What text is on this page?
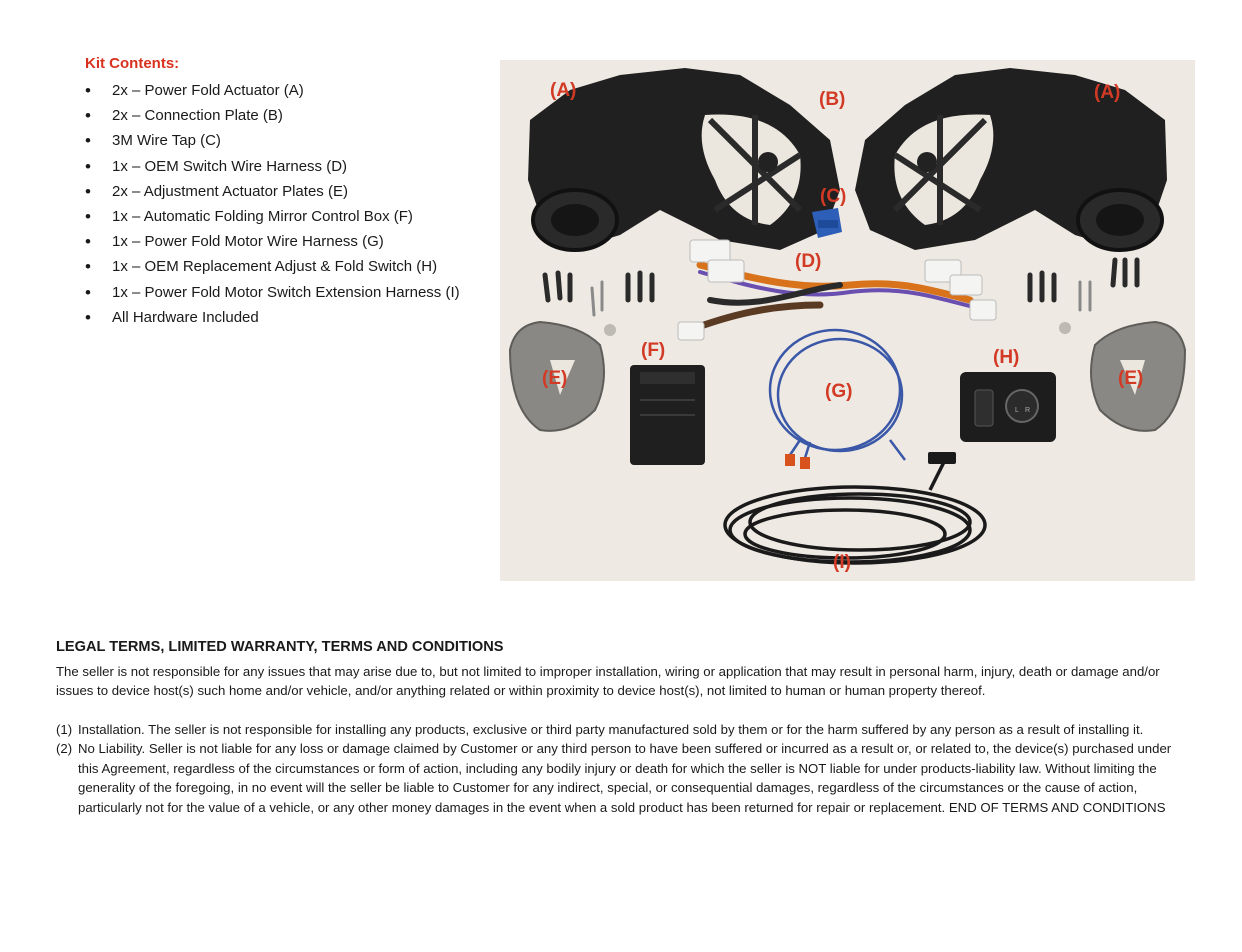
Kit Contents:
• 2x – Power Fold Actuator (A)
• 2x – Connection Plate (B)
• 3M Wire Tap (C)
• 1x – OEM Switch Wire Harness (D)
• 2x – Adjustment Actuator Plates (E)
• 1x – Automatic Folding Mirror Control Box (F)
• 1x – Power Fold Motor Wire Harness (G)
• 1x – OEM Replacement Adjust & Fold Switch (H)
• 1x – Power Fold Motor Switch Extension Harness (I)
• All Hardware Included
L R
(A)	(A)
(B)
(C)
(D)
(E)	(E)
(F)
(G)
(H)
(I)
LEGAL TERMS, LIMITED WARRANTY, TERMS AND CONDITIONS

The seller is not responsible for any issues that may arise due to, but not limited to improper installation, wiring or application that may result in personal harm, injury, death or damage and/or issues to device host(s) such home and/or vehicle, and/or anything related or within proximity to device host(s), not limited to human or human property thereof.

(1) Installation. The seller is not responsible for installing any products, exclusive or third party manufactured sold by them or for the harm suffered by any person as a result of installing it.
(2) No Liability. Seller is not liable for any loss or damage claimed by Customer or any third person to have been suffered or incurred as a result or, or related to, the device(s) purchased under this Agreement, regardless of the circumstances or form of action, including any bodily injury or death for which the seller is NOT liable for under products-liability law. Without limiting the generality of the foregoing, in no event will the seller be liable to Customer for any indirect, special, or consequential damages, regardless of the circumstances or the cause of action, particularly not for the value of a vehicle, or any other money damages in the event when a sold product has been returned for repair or replacement. END OF TERMS AND CONDITIONS
